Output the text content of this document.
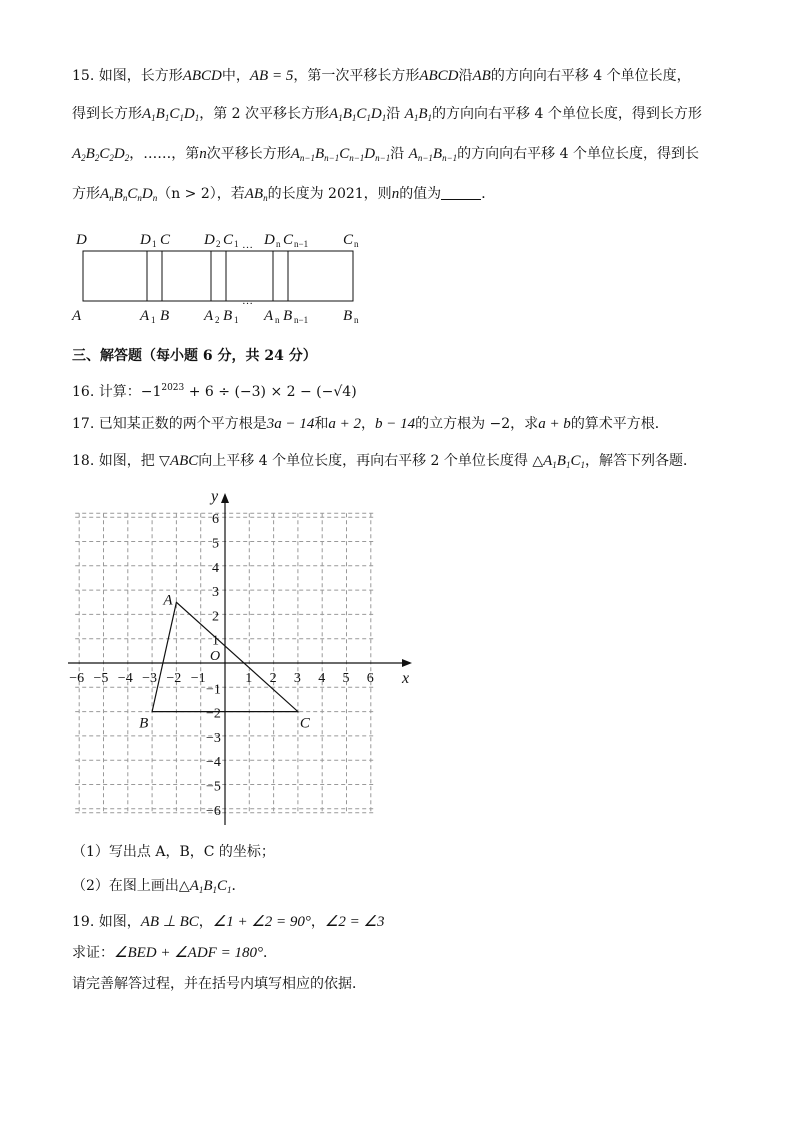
15. 如图，长方形ABCD中，AB = 5，第一次平移长方形ABCD沿AB的方向向右平移 4 个单位长度，
得到长方形$A_1B_1C_1D_1$，第 2 次平移长方形$A_1B_1C_1D_1$沿 $A_1B_1$的方向向右平移 4 个单位长度，得到长方形
$A_2B_2C_2D_2$，……，第n次平移长方形$A_{n-1}B_{n-1}C_{n-1}D_{n-1}$沿 $A_{n-1}B_{n-1}$的方向向右平移 4 个单位长度，得到长
方形$A_nB_nC_nD_n(n > 2)$，若$AB_n$的长度为 2021，则n的值为	．
D	D 1 C D 2 C 1 … D n C n−1 C n
A	A 1 B A 2 B 1
…
A n B n−1 B n
三、解答题（每小题 6 分，共 24 分）
16. 计算：$-1^{2023} + 6 \div (-3) \times 2 - (-√4)$
17. 已知某正数的两个平方根是3a − 14和a + 2，b − 14的立方根为 −2，求a + b的算术平方根．
18. 如图，把 ▽ABC向上平移 4 个单位长度，再向右平移 2 个单位长度得 $\triangle A_1B_1C_1$，解答下列各题．
x
y
O
−6 −5 −4 −3 −2 −1	1 2 3 4 5 6
6
5
4
3
2
1
−1
−2
−3
−4
−5
−6
A
B	C
（1）写出点 A，B，C 的坐标；
（2）在图上画出$\triangle A_1B_1C_1$．
19. 如图，AB ⊥ BC，∠1 + ∠2 = 90°，∠2 = ∠3
求证：∠BED + ∠ADF = 180°．
请完善解答过程，并在括号内填写相应的依据．
